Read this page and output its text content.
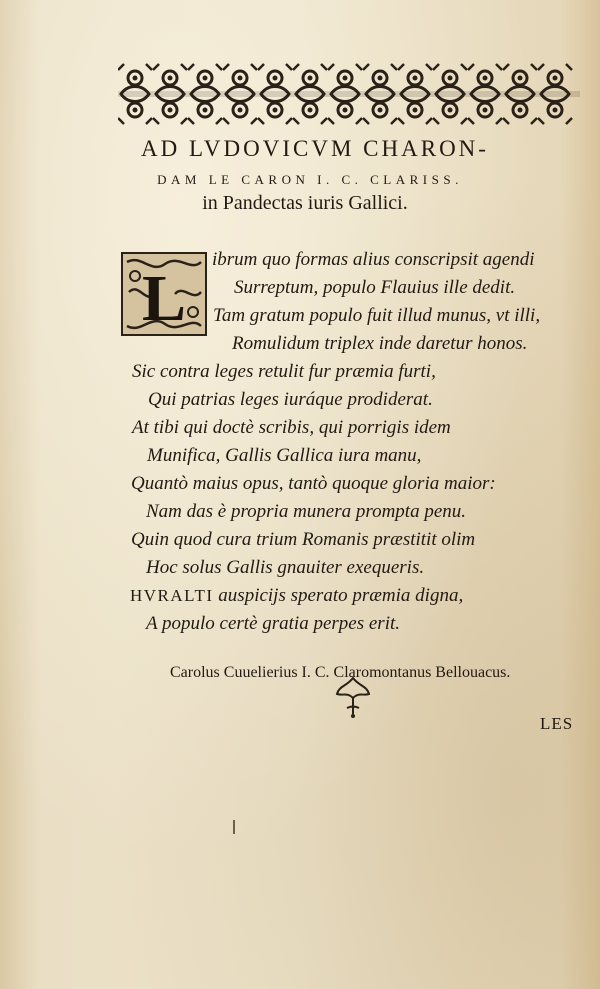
AD LVDOVICVM CHARON-
DAM LE CARON I. C. CLARISS.
in Pandectas iuris Gallici.
L
ibrum quo formas alius conscripsit agendi
Surreptum, populo Flauius ille dedit.
Tam gratum populo fuit illud munus, vt illi,
Romulidum triplex inde daretur honos.
Sic contra leges retulit fur præmia furti,
Qui patrias leges iuráque prodiderat.
At tibi qui doctè scribis, qui porrigis idem
Munifica, Gallis Gallica iura manu,
Quantò maius opus, tantò quoque gloria maior:
Nam das è propria munera prompta penu.
Quin quod cura trium Romanis præstitit olim
Hoc solus Gallis gnauiter exequeris.
HVRALTI auspicijs sperato præmia digna,
A populo certè gratia perpes erit.
Carolus Cuuelierius I. C. Claromontanus Bellouacus.
LES
